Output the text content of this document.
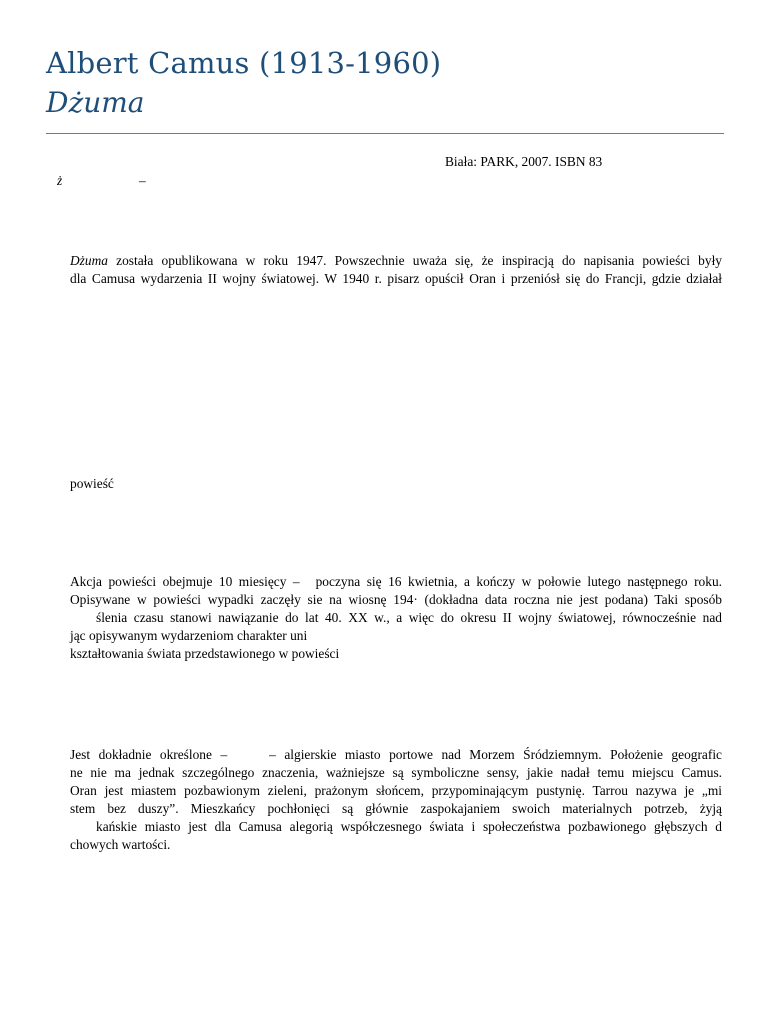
Albert Camus (1913-1960)
Dżuma
Biała: PARK, 2007. ISBN 83
ż	–
Dżuma została opublikowana w roku 1947. Powszechnie uważa się, że inspiracją do napisania powieści były
dla Camusa wydarzenia II wojny światowej. W 1940 r. pisarz opuścił Oran i przeniósł się do Francji, gdzie działał
powieść
Akcja powieści obejmuje 10 miesięcy – poczyna się 16 kwietnia, a kończy w połowie lutego następnego roku.
Opisywane w powieści wypadki zaczęły sie na wiosnę 194· (dokładna data roczna nie jest podana) Taki sposób
ślenia czasu stanowi nawiązanie do lat 40. XX w., a więc do okresu II wojny światowej, równocześnie nad
jąc opisywanym wydarzeniom charakter uni
kształtowania świata przedstawionego w powieści
Jest dokładnie określone –	– algierskie miasto portowe nad Morzem Śródziemnym. Położenie geografic
ne nie ma jednak szczególnego znaczenia, ważniejsze są symboliczne sensy, jakie nadał temu miejscu Camus.
Oran jest miastem pozbawionym zieleni, prażonym słońcem, przypominającym pustynię. Tarrou nazywa je „mi
stem bez duszy”. Mieszkańcy pochłonięci są głównie zaspokajaniem swoich materialnych potrzeb, żyją
kańskie miasto jest dla Camusa alegorią współczesnego świata i społeczeństwa pozbawionego głębszych d
chowych wartości.
